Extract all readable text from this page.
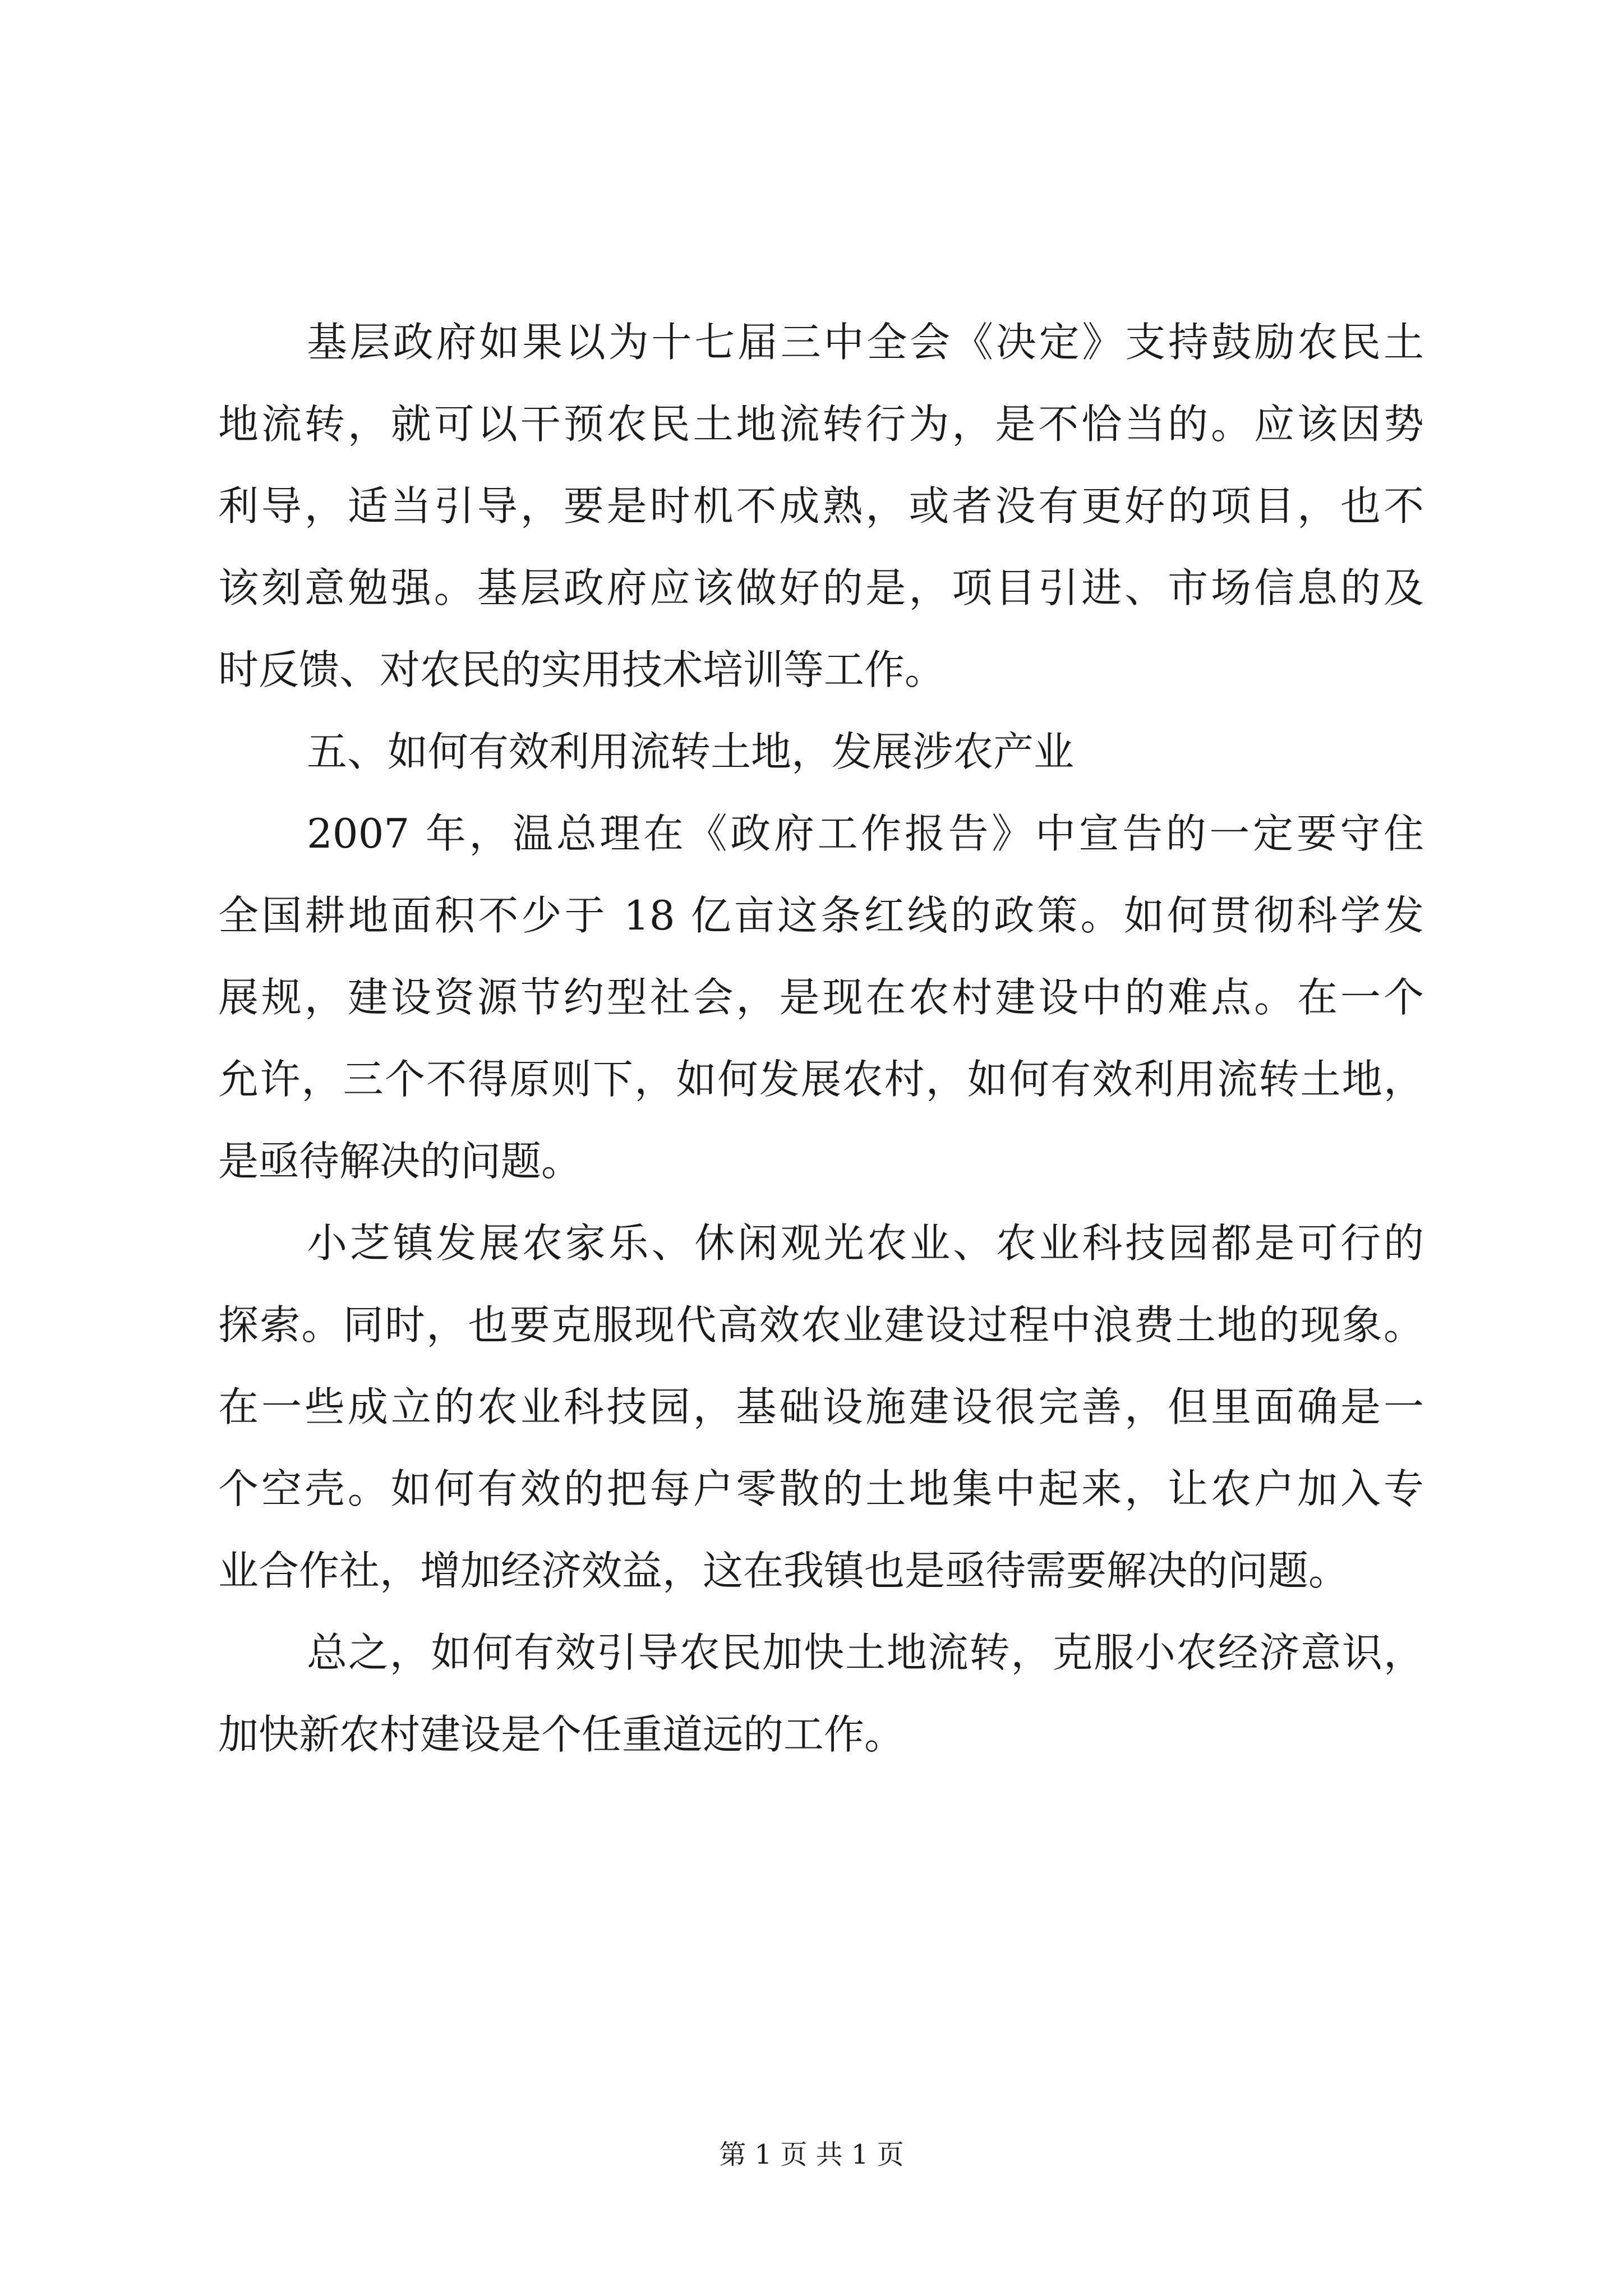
基层政府如果以为十七届三中全会《决定》支持鼓励农民土
地流转，就可以干预农民土地流转行为，是不恰当的。应该因势
利导，适当引导，要是时机不成熟，或者没有更好的项目，也不
该刻意勉强。基层政府应该做好的是，项目引进、市场信息的及
时反馈、对农民的实用技术培训等工作。
五、如何有效利用流转土地，发展涉农产业
2007 年，温总理在《政府工作报告》中宣告的一定要守住
全国耕地面积不少于 18 亿亩这条红线的政策。如何贯彻科学发
展规，建设资源节约型社会，是现在农村建设中的难点。在一个
允许，三个不得原则下，如何发展农村，如何有效利用流转土地，
是亟待解决的问题。
小芝镇发展农家乐、休闲观光农业、农业科技园都是可行的
探索。同时，也要克服现代高效农业建设过程中浪费土地的现象。
在一些成立的农业科技园，基础设施建设很完善，但里面确是一
个空壳。如何有效的把每户零散的土地集中起来，让农户加入专
业合作社，增加经济效益，这在我镇也是亟待需要解决的问题。
总之，如何有效引导农民加快土地流转，克服小农经济意识，
加快新农村建设是个任重道远的工作。
第 1 页 共 1 页
